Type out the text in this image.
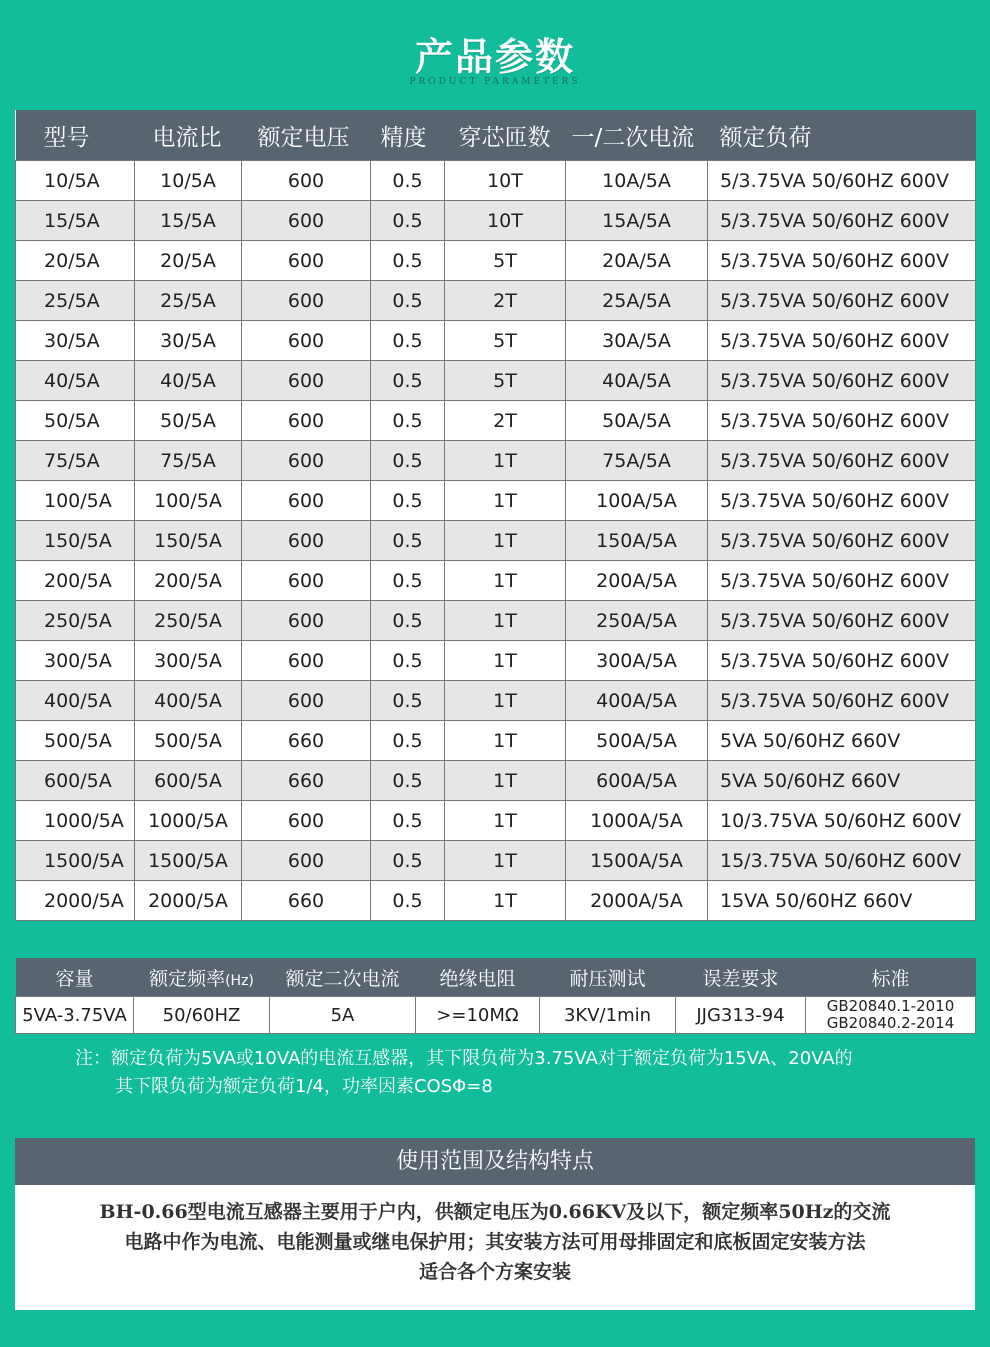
产品参数
PRODUCT PARAMETERS
型号	电流比	额定电压	精度	穿芯匝数	一/二次电流	额定负荷
10/5A	10/5A	600	0.5	10T	10A/5A	5/3.75VA 50/60HZ 600V
15/5A	15/5A	600	0.5	10T	15A/5A	5/3.75VA 50/60HZ 600V
20/5A	20/5A	600	0.5	5T	20A/5A	5/3.75VA 50/60HZ 600V
25/5A	25/5A	600	0.5	2T	25A/5A	5/3.75VA 50/60HZ 600V
30/5A	30/5A	600	0.5	5T	30A/5A	5/3.75VA 50/60HZ 600V
40/5A	40/5A	600	0.5	5T	40A/5A	5/3.75VA 50/60HZ 600V
50/5A	50/5A	600	0.5	2T	50A/5A	5/3.75VA 50/60HZ 600V
75/5A	75/5A	600	0.5	1T	75A/5A	5/3.75VA 50/60HZ 600V
100/5A	100/5A	600	0.5	1T	100A/5A	5/3.75VA 50/60HZ 600V
150/5A	150/5A	600	0.5	1T	150A/5A	5/3.75VA 50/60HZ 600V
200/5A	200/5A	600	0.5	1T	200A/5A	5/3.75VA 50/60HZ 600V
250/5A	250/5A	600	0.5	1T	250A/5A	5/3.75VA 50/60HZ 600V
300/5A	300/5A	600	0.5	1T	300A/5A	5/3.75VA 50/60HZ 600V
400/5A	400/5A	600	0.5	1T	400A/5A	5/3.75VA 50/60HZ 600V
500/5A	500/5A	660	0.5	1T	500A/5A	5VA 50/60HZ 660V
600/5A	600/5A	660	0.5	1T	600A/5A	5VA 50/60HZ 660V
1000/5A	1000/5A	600	0.5	1T	1000A/5A	10/3.75VA 50/60HZ 600V
1500/5A	1500/5A	600	0.5	1T	1500A/5A	15/3.75VA 50/60HZ 600V
2000/5A	2000/5A	660	0.5	1T	2000A/5A	15VA 50/60HZ 660V
容量	额定频率(Hz)	额定二次电流	绝缘电阻	耐压测试	误差要求	标准
5VA-3.75VA	50/60HZ	5A	>=10MΩ	3KV/1min	JJG313-94	GB20840.1-2010
GB20840.2-2014
注：额定负荷为5VA或10VA的电流互感器，其下限负荷为3.75VA对于额定负荷为15VA、20VA的
其下限负荷为额定负荷1/4，功率因素COSΦ=8
使用范围及结构特点
BH-0.66型电流互感器主要用于户内，供额定电压为0.66KV及以下，额定频率50Hz的交流
电路中作为电流、电能测量或继电保护用；其安装方法可用母排固定和底板固定安装方法
适合各个方案安装
